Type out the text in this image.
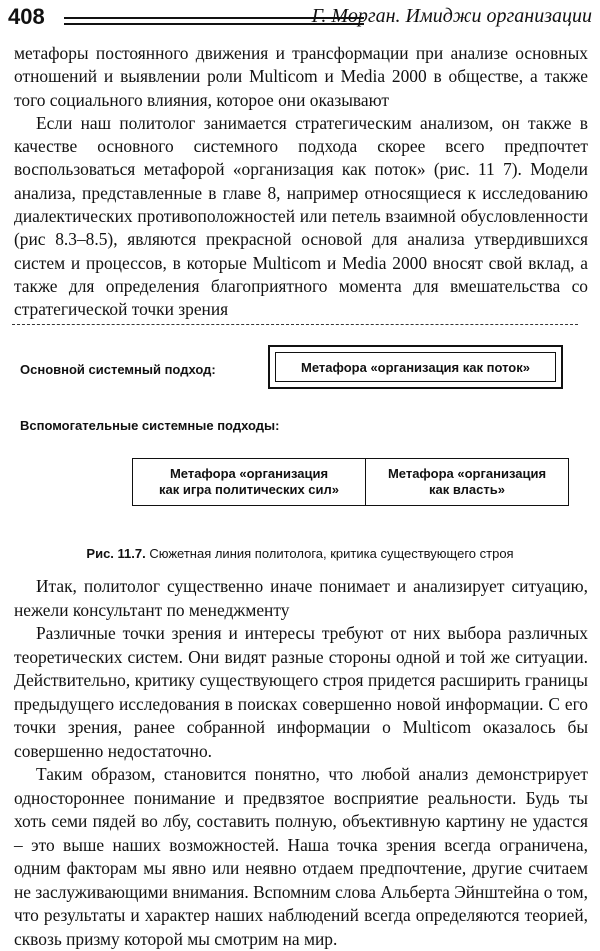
408	Г. Морган. Имиджи организации

метафоры постоянного движения и трансформации при анализе основных отношений и выявлении роли Multicom и Media 2000 в обществе, а также того социального влияния, которое они оказывают

Если наш политолог занимается стратегическим анализом, он также в качестве основного системного подхода скорее всего предпочтет воспользоваться метафорой «организация как поток» (рис. 11 7). Модели анализа, представленные в главе 8, например относящиеся к исследованию диалектических противоположностей или петель взаимной обусловленности (рис 8.3–8.5), являются прекрасной основой для анализа утвердившихся систем и процессов, в которые Multicom и Media 2000 вносят свой вклад, а также для определения благоприятного момента для вмешательства со стратегической точки зрения

Основной системный подход:	Метафора «организация как поток»
Вспомогательные системные подходы:
Метафора «организация
как игра политических сил»
Метафора «организация
как власть»
Рис. 11.7. Сюжетная линия политолога, критика существующего строя

Итак, политолог существенно иначе понимает и анализирует ситуацию, нежели консультант по менеджменту

Различные точки зрения и интересы требуют от них выбора различных теоретических систем. Они видят разные стороны одной и той же ситуации. Действительно, критику существующего строя придется расширить границы предыдущего исследования в поисках совершенно новой информации. С его точки зрения, ранее собранной информации о Multicom оказалось бы совершенно недостаточно.

Таким образом, становится понятно, что любой анализ демонстрирует одностороннее понимание и предвзятое восприятие реальности. Будь ты хоть семи пядей во лбу, составить полную, объективную картину не удастся – это выше наших возможностей. Наша точка зрения всегда ограничена, одним факторам мы явно или неявно отдаем предпочтение, другие считаем не заслуживающими внимания. Вспомним слова Альберта Эйнштейна о том, что результаты и характер наших наблюдений всегда определяются теорией, сквозь призму которой мы смотрим на мир.
